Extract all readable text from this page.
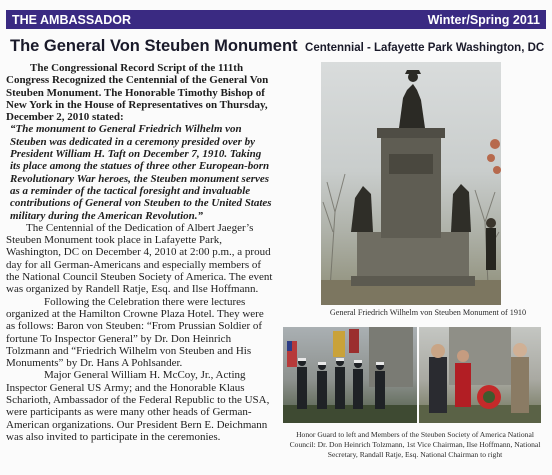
THE AMBASSADOR	Winter/Spring 2011
The General Von Steuben Monument Centennial - Lafayette Park Washington, DC

The Congressional Record Script of the 111th Congress Recognized the Centennial of the General Von Steuben Monument. The Honorable Timothy Bishop of New York in the House of Representatives on Thursday, December 2, 2010 stated:

“The monument to General Friedrich Wilhelm von Steuben was dedicated in a ceremony presided over by President William H. Taft on December 7, 1910. Taking its place among the statues of three other European-born Revolutionary War heroes, the Steuben monument serves as a reminder of the tactical foresight and invaluable contributions of General von Steuben to the United States military during the American Revolution.”

The Centennial of the Dedication of Albert Jaeger’s Steuben Monument took place in Lafayette Park, Washington, DC on December 4, 2010 at 2:00 p.m., a proud day for all German-Americans and especially members of the National Council Steuben Society of America. The event was organized by Randell Ratje, Esq. and Ilse Hoffmann.

Following the Celebration there were lectures organized at the Hamilton Crowne Plaza Hotel. They were as follows: Baron von Steuben: “From Prussian Soldier of fortune To Inspector General” by Dr. Don Heinrich Tolzmann and “Friedrich Wilhelm von Steuben and His Monuments” by Dr. Hans A Pohlsander.

Major General William H. McCoy, Jr., Acting Inspector General US Army; and the Honorable Klaus Scharioth, Ambassador of the Federal Republic to the USA, were participants as were many other heads of German-American organizations. Our President Bern E. Deichmann was also invited to participate in the ceremonies.

General Friedrich Wilhelm von Steuben Monument of 1910
Honor Guard to left and Members of the Steuben Society of America National Council: Dr. Don Heinrich Tolzmann, 1st Vice Chairman, Ilse Hoffmann, National Secretary, Randall Ratje, Esq. National Chairman to right
